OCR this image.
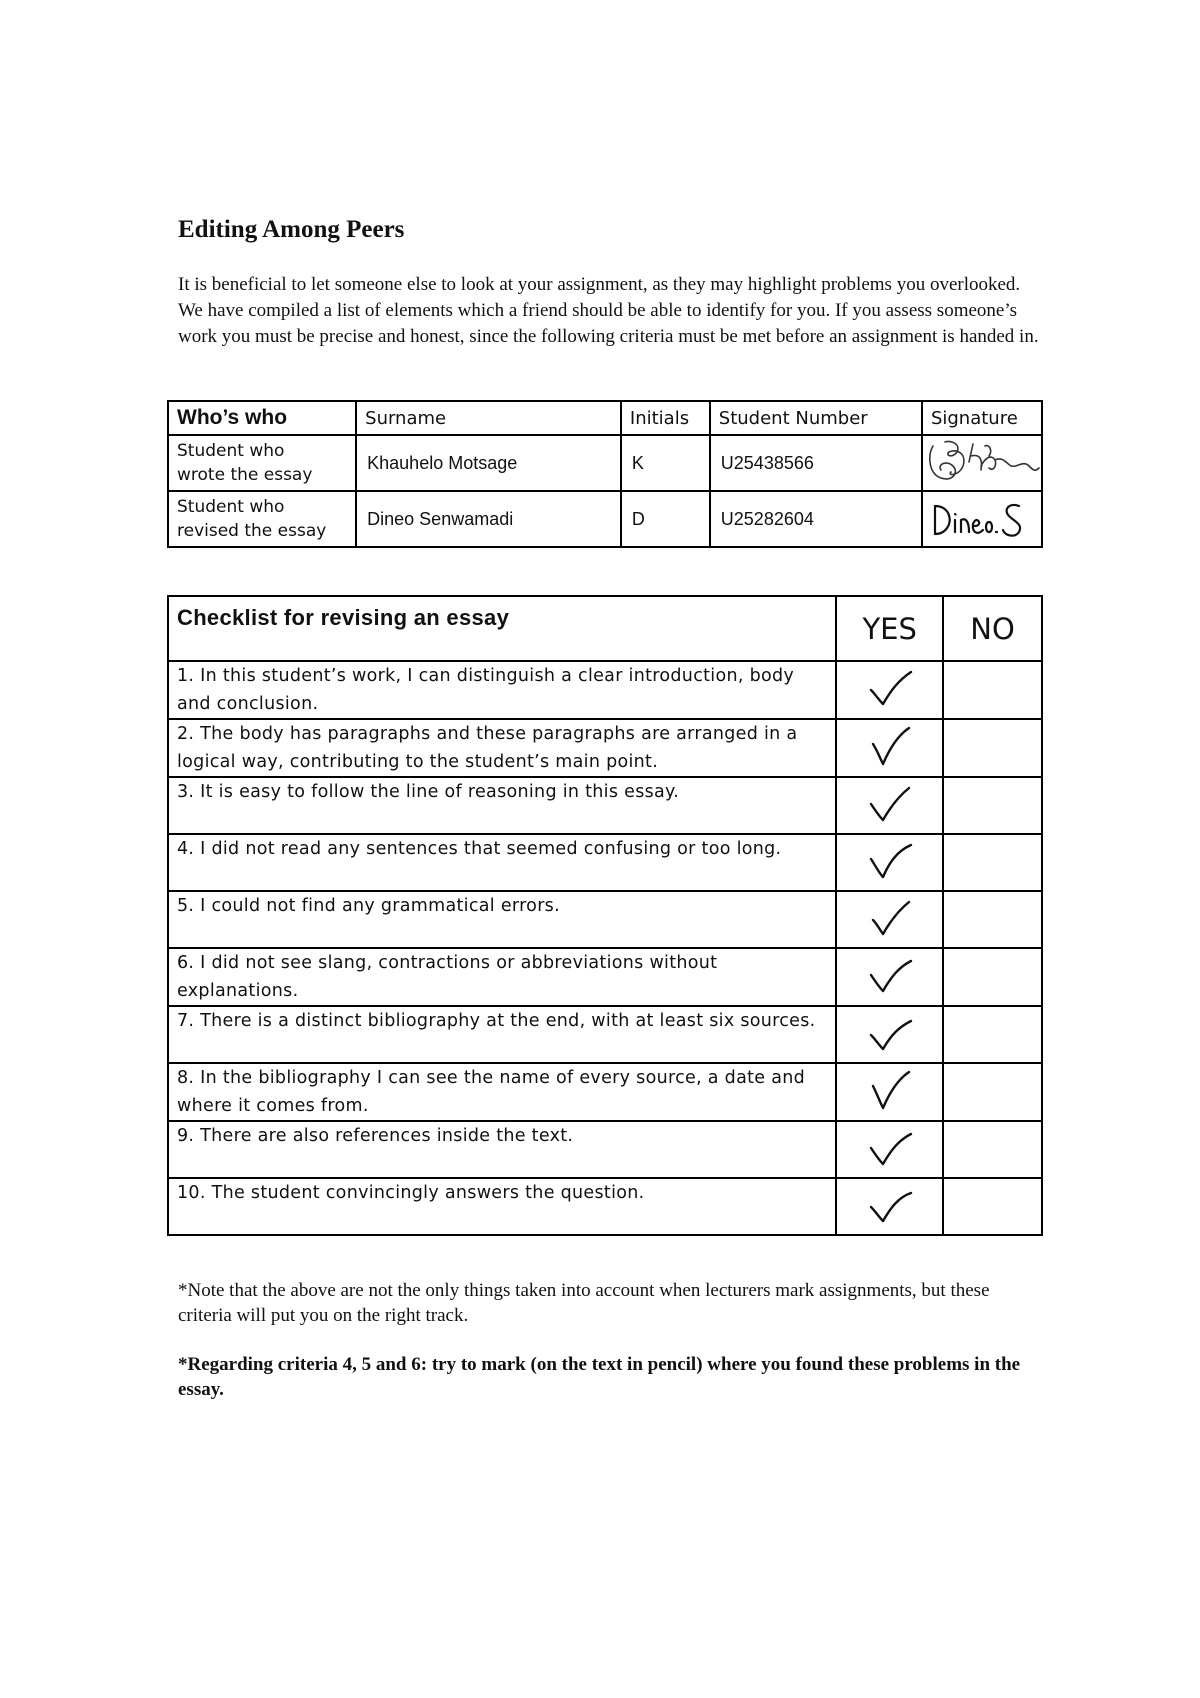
Editing Among Peers

It is beneficial to let someone else to look at your assignment, as they may highlight problems you overlooked. We have compiled a list of elements which a friend should be able to identify for you. If you assess someone’s work you must be precise and honest, since the following criteria must be met before an assignment is handed in.

Who’s who	Surname	Initials	Student Number	Signature

Student who
wrote the essay	Khauhelo Motsage	K	U25438566	

Student who
revised the essay	Dineo Senwamadi	D	U25282604	
Checklist for revising an essay	YES	NO
1. In this student’s work, I can distinguish a clear introduction, body and conclusion.		
2. The body has paragraphs and these paragraphs are arranged in a logical way, contributing to the student’s main point.		
3. It is easy to follow the line of reasoning in this essay.		
4. I did not read any sentences that seemed confusing or too long.		
5. I could not find any grammatical errors.		
6. I did not see slang, contractions or abbreviations without explanations.		
7. There is a distinct bibliography at the end, with at least six sources.		
8. In the bibliography I can see the name of every source, a date and where it comes from.		
9. There are also references inside the text.		
10. The student convincingly answers the question.		

*Note that the above are not the only things taken into account when lecturers mark assignments, but these criteria will put you on the right track.

*Regarding criteria 4, 5 and 6: try to mark (on the text in pencil) where you found these problems in the essay.
